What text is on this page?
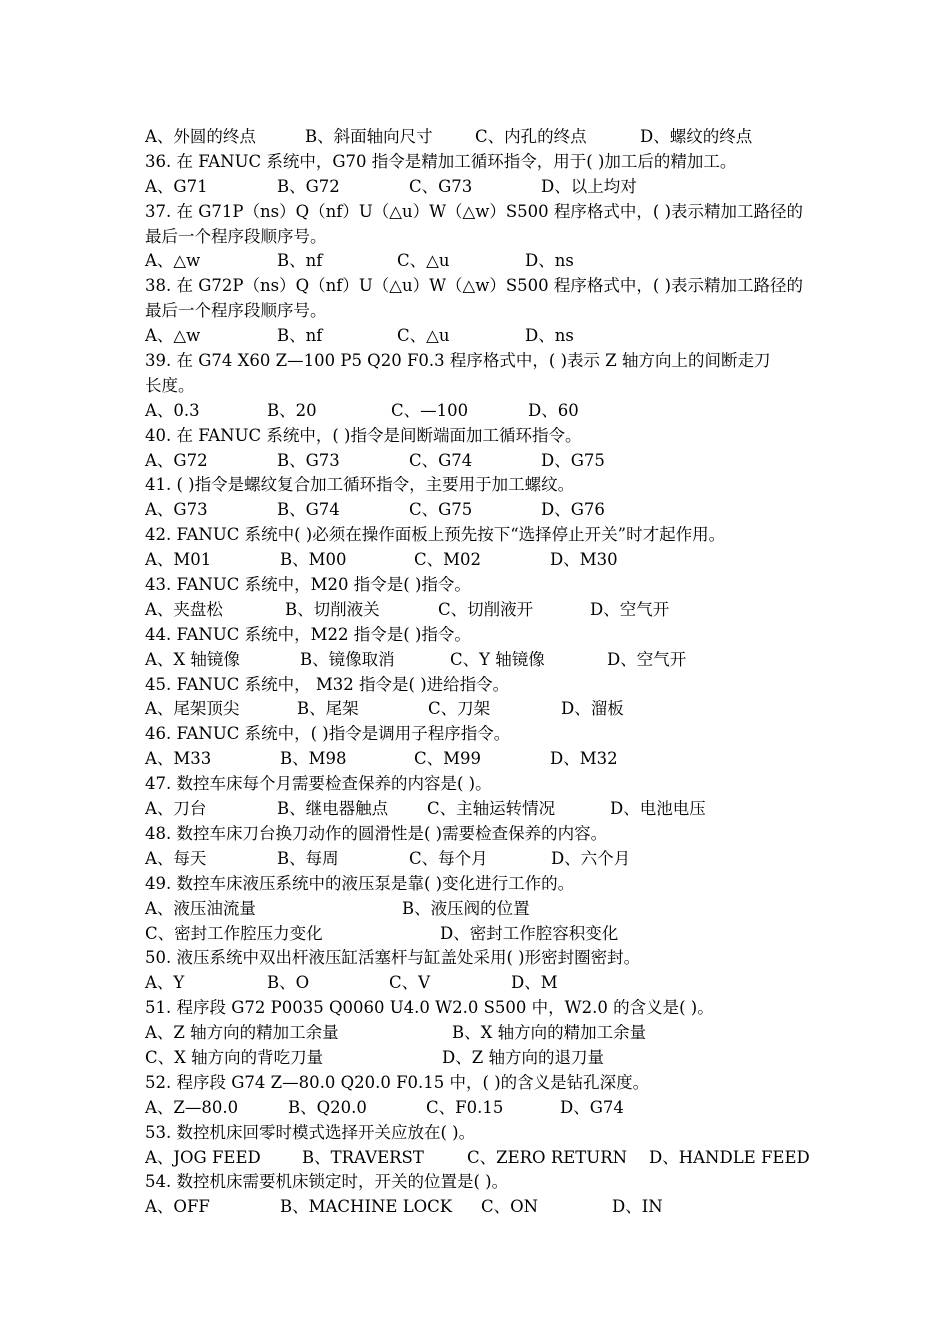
A、外圆的终点	B、斜面轴向尺寸	C、内孔的终点	D、螺纹的终点
36. 在 FANUC 系统中，G70 指令是精加工循环指令，用于( )加工后的精加工。
A、G71	B、G72	C、G73	D、以上均对
37. 在 G71P（ns）Q（nf）U（△u）W（△w）S500 程序格式中，( )表示精加工路径的
最后一个程序段顺序号。
A、△w	B、nf	C、△u	D、ns
38. 在 G72P（ns）Q（nf）U（△u）W（△w）S500 程序格式中，( )表示精加工路径的
最后一个程序段顺序号。
A、△w	B、nf	C、△u	D、ns
39. 在 G74 X60 Z—100 P5 Q20 F0.3 程序格式中，( )表示 Z 轴方向上的间断走刀
长度。
A、0.3	B、20	C、—100	D、60
40. 在 FANUC 系统中，( )指令是间断端面加工循环指令。
A、G72	B、G73	C、G74	D、G75
41. ( )指令是螺纹复合加工循环指令，主要用于加工螺纹。
A、G73	B、G74	C、G75	D、G76
42. FANUC 系统中( )必须在操作面板上预先按下“选择停止开关”时才起作用。
A、M01	B、M00	C、M02	D、M30
43. FANUC 系统中，M20 指令是( )指令。
A、夹盘松	B、切削液关	C、切削液开	D、空气开
44. FANUC 系统中，M22 指令是( )指令。
A、X 轴镜像	B、镜像取消	C、Y 轴镜像	D、空气开
45. FANUC 系统中， M32 指令是( )进给指令。
A、尾架顶尖	B、尾架	C、刀架	D、溜板
46. FANUC 系统中，( )指令是调用子程序指令。
A、M33	B、M98	C、M99	D、M32
47. 数控车床每个月需要检查保养的内容是( )。
A、刀台	B、继电器触点 C、主轴运转情况	D、电池电压
48. 数控车床刀台换刀动作的圆滑性是( )需要检查保养的内容。
A、每天	B、每周	C、每个月	D、六个月
49. 数控车床液压系统中的液压泵是靠( )变化进行工作的。
A、液压油流量	B、液压阀的位置
C、密封工作腔压力变化	D、密封工作腔容积变化
50. 液压系统中双出杆液压缸活塞杆与缸盖处采用( )形密封圈密封。
A、Y	B、O	C、V	D、M
51. 程序段 G72 P0035 Q0060 U4.0 W2.0 S500 中，W2.0 的含义是( )。
A、Z 轴方向的精加工余量	B、X 轴方向的精加工余量
C、X 轴方向的背吃刀量	D、Z 轴方向的退刀量
52. 程序段 G74 Z—80.0 Q20.0 F0.15 中，( )的含义是钻孔深度。
A、Z—80.0	B、Q20.0	C、F0.15	D、G74
53. 数控机床回零时模式选择开关应放在( )。
A、JOG FEED	B、TRAVERST	C、ZERO RETURN D、HANDLE FEED
54. 数控机床需要机床锁定时，开关的位置是( )。
A、OFF	B、MACHINE LOCK C、ON	D、IN
